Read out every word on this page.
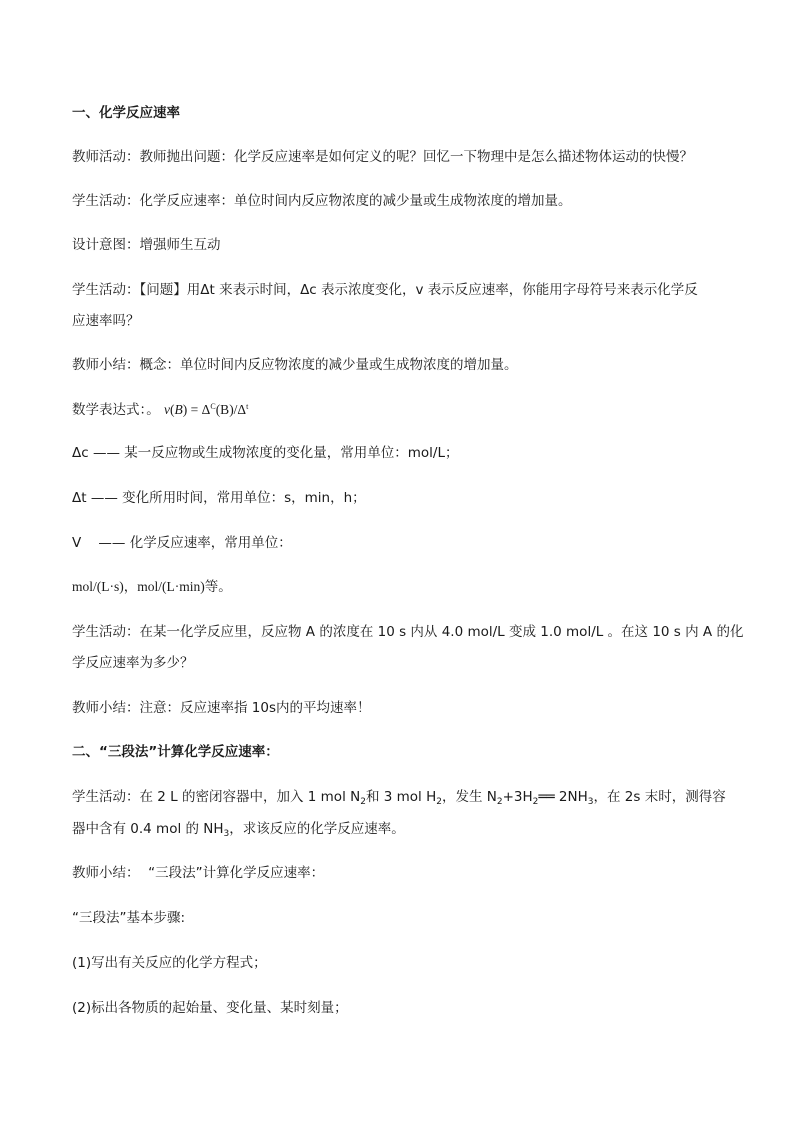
一、化学反应速率
教师活动：教师抛出问题：化学反应速率是如何定义的呢？回忆一下物理中是怎么描述物体运动的快慢？
学生活动：化学反应速率：单位时间内反应物浓度的减少量或生成物浓度的增加量。
设计意图：增强师生互动
学生活动：【问题】用Δt 来表示时间，Δc 表示浓度变化，v 表示反应速率，你能用字母符号来表示化学反
应速率吗？
教师小结：概念：单位时间内反应物浓度的减少量或生成物浓度的增加量。
数学表达式：。 $v(B) = \Delta^C(B)/\Delta^t$
Δc —— 某一反应物或生成物浓度的变化量，常用单位：mol/L；
Δt —— 变化所用时间，常用单位：s，min，h；
V    —— 化学反应速率，常用单位：
mol/(L·s)，mol/(L·min)等。
学生活动：在某一化学反应里，反应物 A 的浓度在 10 s 内从 4.0 mol/L 变成 1.0 mol/L 。在这 10 s 内 A 的化
学反应速率为多少？
教师小结：注意：反应速率指 10s内的平均速率！
二、“三段法”计算化学反应速率：
学生活动：在 2 L 的密闭容器中，加入 1 mol $N_2$和 3 mol $H_2$，发生 $N_2+3H_2══$ $2NH_3$，在 2s 末时，测得容
器中含有 0.4 mol 的 $NH_3$，求该反应的化学反应速率。
教师小结：  “三段法”计算化学反应速率：
“三段法”基本步骤:
(1)写出有关反应的化学方程式；
(2)标出各物质的起始量、变化量、某时刻量；
